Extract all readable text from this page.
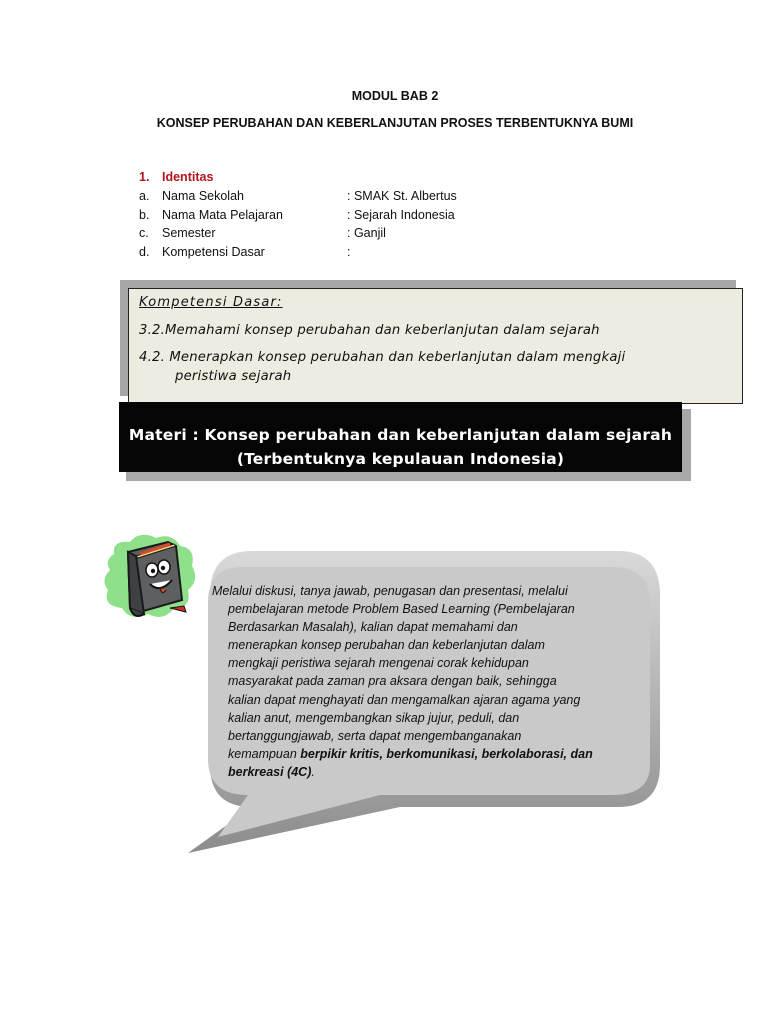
MODUL BAB 2
KONSEP PERUBAHAN DAN KEBERLANJUTAN PROSES TERBENTUKNYA BUMI
1. Identitas
a. Nama Sekolah	: SMAK St. Albertus
b. Nama Mata Pelajaran	: Sejarah Indonesia
c. Semester	: Ganjil
d. Kompetensi Dasar	:
Kompetensi Dasar:
3.2.Memahami konsep perubahan dan keberlanjutan dalam sejarah
4.2. Menerapkan konsep perubahan dan keberlanjutan dalam mengkaji
peristiwa sejarah
Materi : Konsep perubahan dan keberlanjutan dalam sejarah
(Terbentuknya kepulauan Indonesia)
Melalui diskusi, tanya jawab, penugasan dan presentasi, melalui
pembelajaran metode Problem Based Learning (Pembelajaran
Berdasarkan Masalah), kalian dapat memahami dan
menerapkan konsep perubahan dan keberlanjutan dalam
mengkaji peristiwa sejarah mengenai corak kehidupan
masyarakat pada zaman pra aksara dengan baik, sehingga
kalian dapat menghayati dan mengamalkan ajaran agama yang
kalian anut, mengembangkan sikap jujur, peduli, dan
bertanggungjawab, serta dapat mengembanganakan
kemampuan berpikir kritis, berkomunikasi, berkolaborasi, dan
berkreasi (4C).
